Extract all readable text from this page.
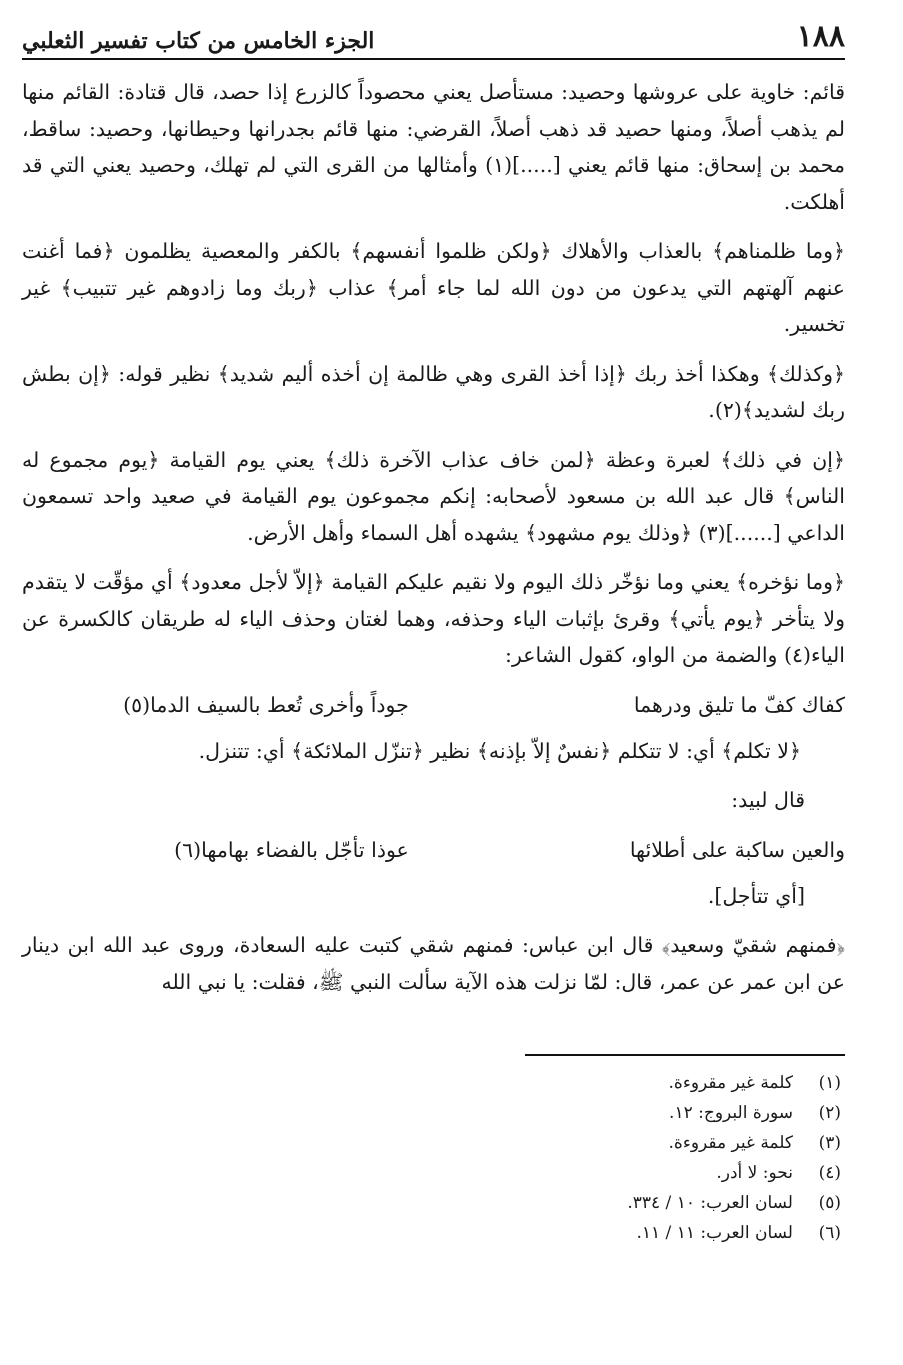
١٨٨
الجزء الخامس من كتاب تفسير الثعلبي

قائم: خاوية على عروشها وحصيد: مستأصل يعني محصوداً كالزرع إذا حصد، قال قتادة: القائم منها لم يذهب أصلاً، ومنها حصيد قد ذهب أصلاً، القرضي: منها قائم بجدرانها وحيطانها، وحصيد: ساقط، محمد بن إسحاق: منها قائم يعني [.....](١) وأمثالها من القرى التي لم تهلك، وحصيد يعني التي قد أهلكت.

﴿وما ظلمناهم﴾ بالعذاب والأهلاك ﴿ولكن ظلموا أنفسهم﴾ بالكفر والمعصية يظلمون ﴿فما أغنت عنهم آلهتهم التي يدعون من دون الله لما جاء أمر﴾ عذاب ﴿ربك وما زادوهم غير تتبيب﴾ غير تخسير.

﴿وكذلك﴾ وهكذا أخذ ربك ﴿إذا أخذ القرى وهي ظالمة إن أخذه أليم شديد﴾ نظير قوله: ﴿إن بطش ربك لشديد﴾(٢).

﴿إن في ذلك﴾ لعبرة وعظة ﴿لمن خاف عذاب الآخرة ذلك﴾ يعني يوم القيامة ﴿يوم مجموع له الناس﴾ قال عبد الله بن مسعود لأصحابه: إنكم مجموعون يوم القيامة في صعيد واحد تسمعون الداعي [......](٣) ﴿وذلك يوم مشهود﴾ يشهده أهل السماء وأهل الأرض.

﴿وما نؤخره﴾ يعني وما نؤخّر ذلك اليوم ولا نقيم عليكم القيامة ﴿إلاّ لأجل معدود﴾ أي مؤقّت لا يتقدم ولا يتأخر ﴿يوم يأتي﴾ وقرئ بإثبات الياء وحذفه، وهما لغتان وحذف الياء له طريقان كالكسرة عن الياء(٤) والضمة من الواو، كقول الشاعر:

كفاك كفّ ما تليق ودرهما
جوداً وأخرى تُعط بالسيف الدما(٥)

﴿لا تكلم﴾ أي: لا تتكلم ﴿نفسٌ إلاّ بإذنه﴾ نظير ﴿تنزّل الملائكة﴾ أي: تتنزل.

قال لبيد:

والعين ساكبة على أطلائها
عوذا تأجّل بالفضاء بهامها(٦)

[أي تتأجل].

﴿فمنهم شقيّ وسعيد﴾ قال ابن عباس: فمنهم شقي كتبت عليه السعادة، وروى عبد الله ابن دينار عن ابن عمر عن عمر، قال: لمّا نزلت هذه الآية سألت النبي ﷺ، فقلت: يا نبي الله

(١)
كلمة غير مقروءة.
(٢)
سورة البروج: ١٢.
(٣)
كلمة غير مقروءة.
(٤)
نحو: لا أدر.
(٥)
لسان العرب: ١٠ / ٣٣٤.
(٦)
لسان العرب: ١١ / ١١.
